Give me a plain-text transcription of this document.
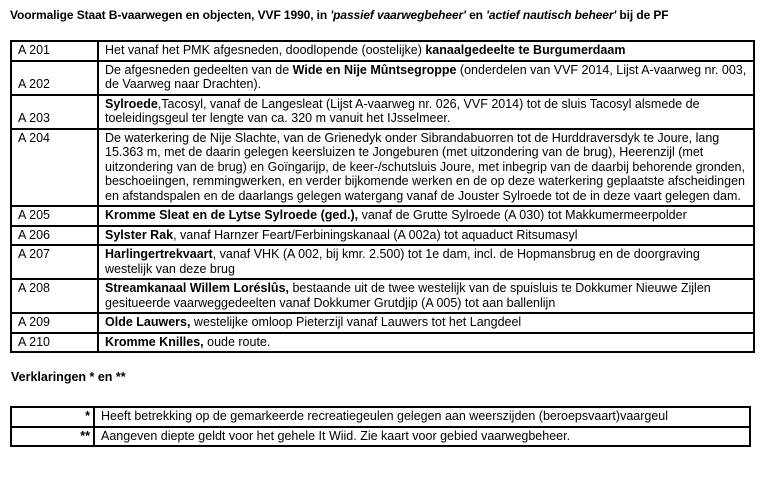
Voormalige Staat B-vaarwegen en objecten, VVF 1990, in 'passief vaarwegbeheer' en 'actief nautisch beheer' bij de PF
A 201	Het vanaf het PMK afgesneden, doodlopende (oostelijke) kanaalgedeelte te Burgumerdaam
A 202	De afgesneden gedeelten van de Wide en Nije Mûntsegroppe (onderdelen van VVF 2014, Lijst A-vaarweg nr. 003, de Vaarweg naar Drachten).
A 203	Sylroede,Tacosyl, vanaf de Langesleat (Lijst A-vaarweg nr. 026, VVF 2014) tot de sluis Tacosyl alsmede de toeleidingsgeul ter lengte van ca. 320 m vanuit het IJsselmeer.
A 204	De waterkering de Nije Slachte, van de Grienedyk onder Sibrandabuorren tot de Hurddraversdyk te Joure, lang 15.363 m, met de daarin gelegen keersluizen te Jongeburen (met uitzondering van de brug), Heerenzijl (met uitzondering van de brug) en Goïngarijp, de keer-/schutsluis Joure, met inbegrip van de daarbij behorende gronden, beschoeiingen, remmingwerken, en verder bijkomende werken en de op deze waterkering geplaatste afscheidingen en afstandspalen en de daarlangs gelegen watergang vanaf de Jouster Sylroede tot de in deze vaart gelegen dam.
A 205	Kromme Sleat en de Lytse Sylroede (ged.), vanaf de Grutte Sylroede (A 030) tot Makkumermeerpolder
A 206	Sylster Rak, vanaf Harnzer Feart/Ferbiningskanaal (A 002a) tot aquaduct Ritsumasyl
A 207	Harlingertrekvaart, vanaf VHK (A 002, bij kmr. 2.500) tot 1e dam, incl. de Hopmansbrug en de doorgraving westelijk van deze brug
A 208	Streamkanaal Willem Loréslûs, bestaande uit de twee westelijk van de spuisluis te Dokkumer Nieuwe Zijlen gesitueerde vaarweggedeelten vanaf Dokkumer Grutdjip (A 005) tot aan ballenlijn
A 209	Olde Lauwers, westelijke omloop Pieterzijl vanaf Lauwers tot het Langdeel
A 210	Kromme Knilles, oude route.
Verklaringen * en **
*	Heeft betrekking op de gemarkeerde recreatiegeulen gelegen aan weerszijden (beroepsvaart)vaargeul
**	Aangeven diepte geldt voor het gehele It Wiid. Zie kaart voor gebied vaarwegbeheer.
